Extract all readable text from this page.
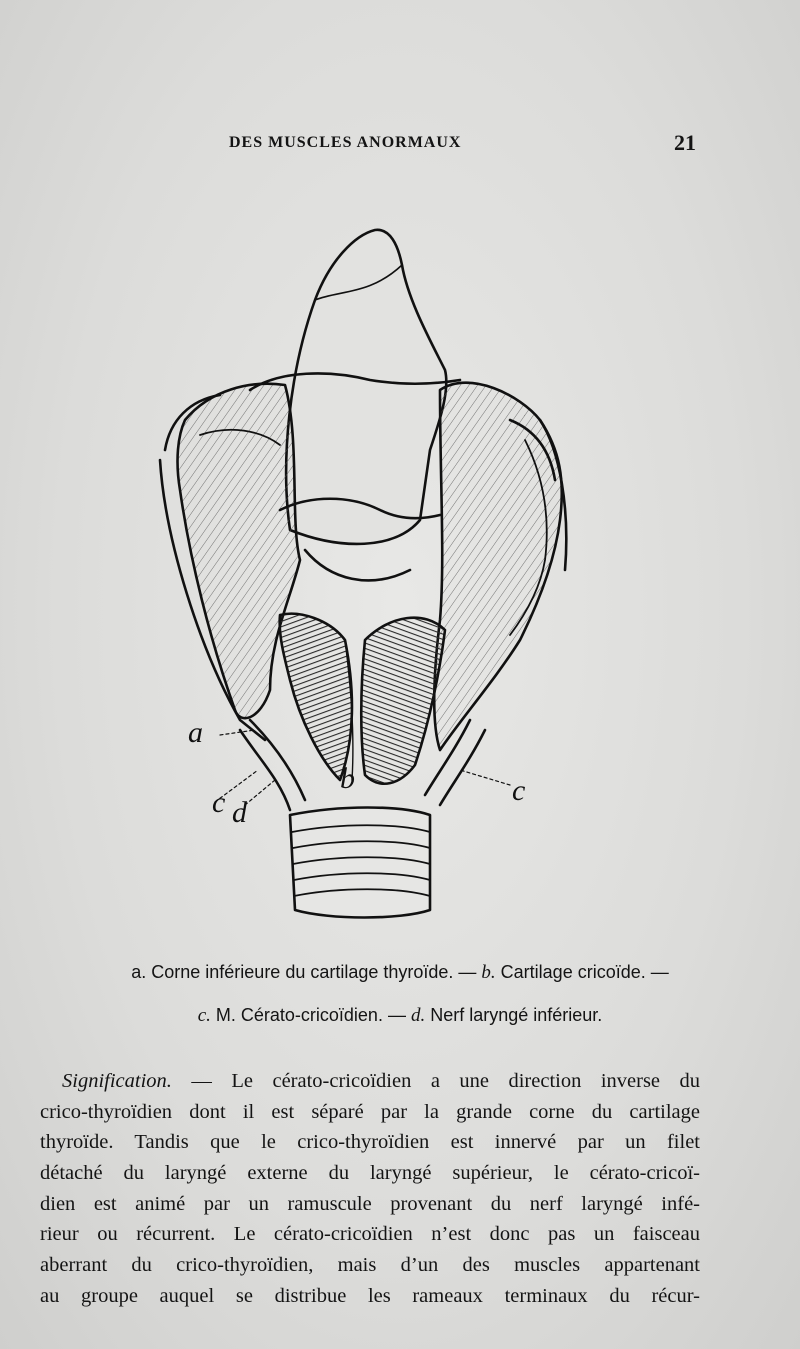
DES MUSCLES ANORMAUX	21
a
b	c
c d
a. Corne inférieure du cartilage thyroïde. — b. Cartilage cricoïde. —
c. M. Cérato-cricoïdien. — d. Nerf laryngé inférieur.
Signification. — Le cérato-cricoïdien a une direction inverse du
crico-thyroïdien dont il est séparé par la grande corne du cartilage
thyroïde. Tandis que le crico-thyroïdien est innervé par un filet
détaché du laryngé externe du laryngé supérieur, le cérato-cricoï-
dien est animé par un ramuscule provenant du nerf laryngé infé-
rieur ou récurrent. Le cérato-cricoïdien n’est donc pas un faisceau
aberrant du crico-thyroïdien, mais d’un des muscles appartenant
au groupe auquel se distribue les rameaux terminaux du récur-
